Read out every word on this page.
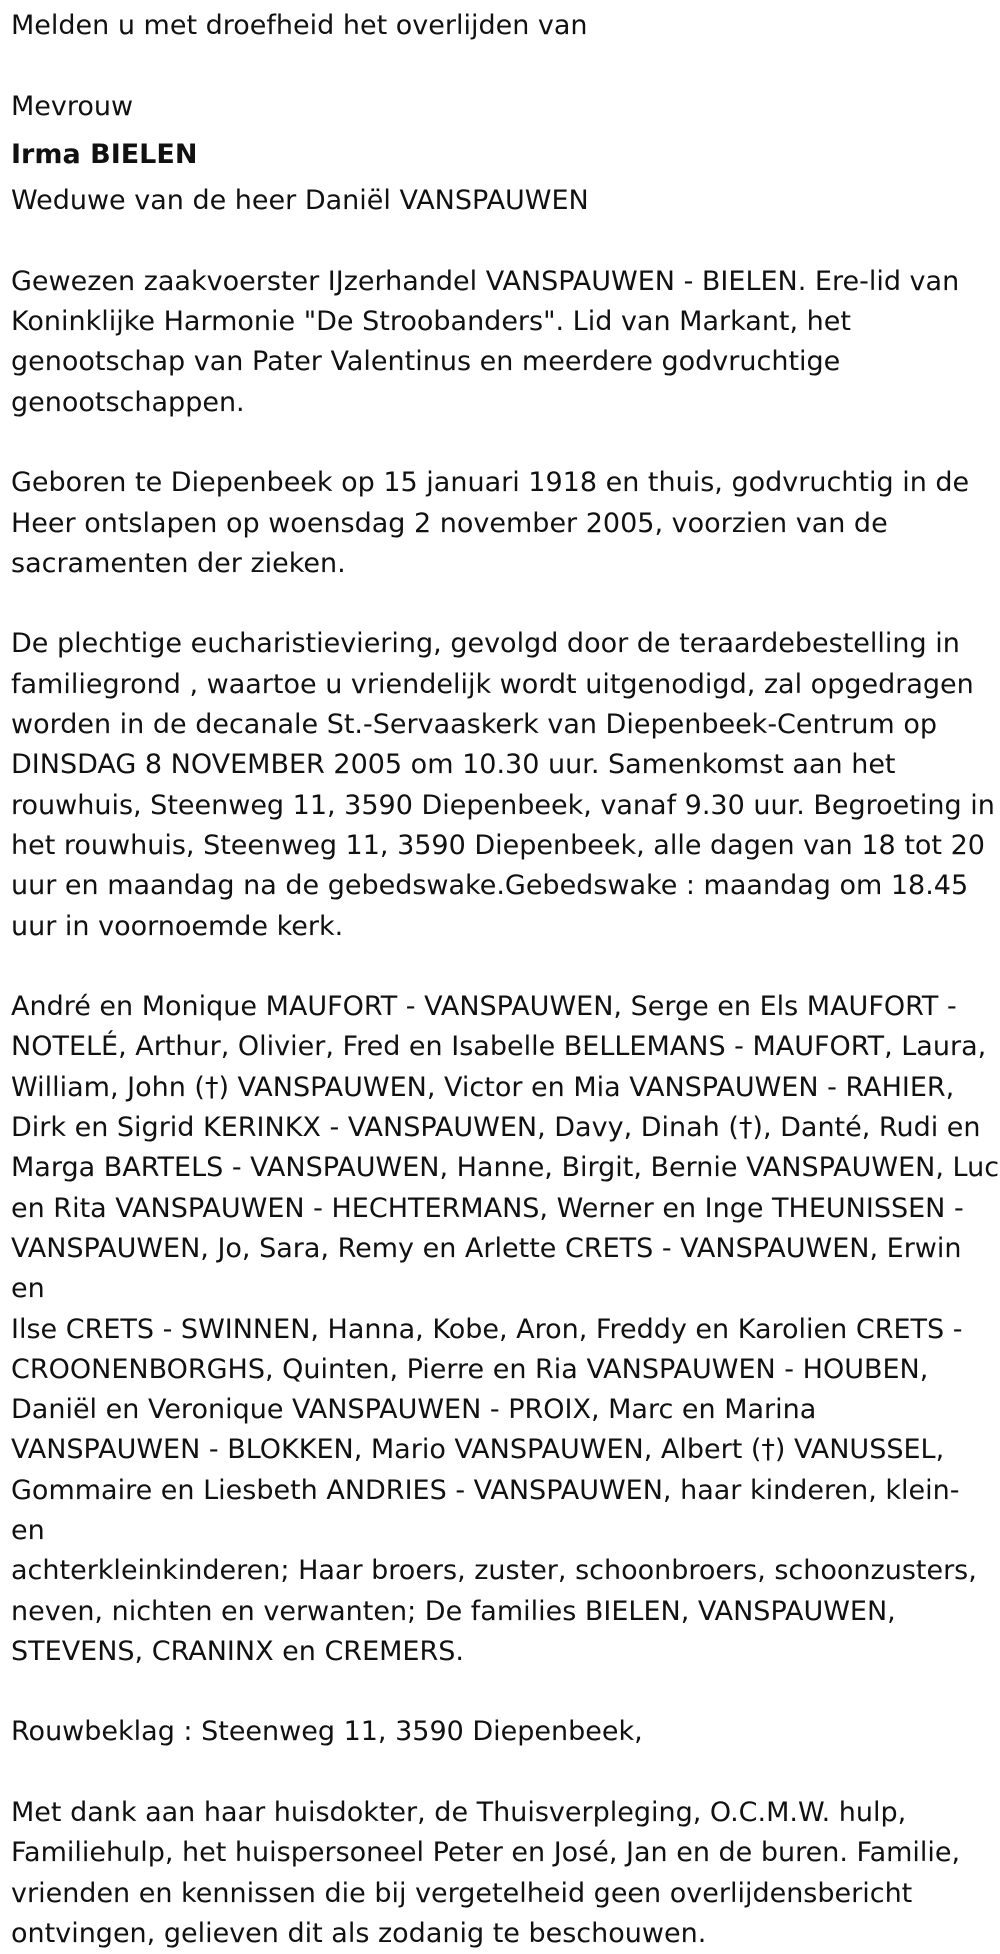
Melden u met droefheid het overlijden van

Mevrouw

Irma BIELEN

Weduwe van de heer Daniël VANSPAUWEN

Gewezen zaakvoerster IJzerhandel VANSPAUWEN - BIELEN. Ere-lid van

Koninklijke Harmonie "De Stroobanders". Lid van Markant, het

genootschap van Pater Valentinus en meerdere godvruchtige

genootschappen.

Geboren te Diepenbeek op 15 januari 1918 en thuis, godvruchtig in de

Heer ontslapen op woensdag 2 november 2005, voorzien van de

sacramenten der zieken.

De plechtige eucharistieviering, gevolgd door de teraardebestelling in

familiegrond , waartoe u vriendelijk wordt uitgenodigd, zal opgedragen

worden in de decanale St.-Servaaskerk van Diepenbeek-Centrum op

DINSDAG 8 NOVEMBER 2005 om 10.30 uur. Samenkomst aan het

rouwhuis, Steenweg 11, 3590 Diepenbeek, vanaf 9.30 uur. Begroeting in

het rouwhuis, Steenweg 11, 3590 Diepenbeek, alle dagen van 18 tot 20

uur en maandag na de gebedswake.Gebedswake : maandag om 18.45

uur in voornoemde kerk.

André en Monique MAUFORT - VANSPAUWEN, Serge en Els MAUFORT -

NOTELÉ, Arthur, Olivier, Fred en Isabelle BELLEMANS - MAUFORT, Laura,

William, John (†) VANSPAUWEN, Victor en Mia VANSPAUWEN - RAHIER,

Dirk en Sigrid KERINKX - VANSPAUWEN, Davy, Dinah (†), Danté, Rudi en

Marga BARTELS - VANSPAUWEN, Hanne, Birgit, Bernie VANSPAUWEN, Luc

en Rita VANSPAUWEN - HECHTERMANS, Werner en Inge THEUNISSEN -

VANSPAUWEN, Jo, Sara, Remy en Arlette CRETS - VANSPAUWEN, Erwin en

Ilse CRETS - SWINNEN, Hanna, Kobe, Aron, Freddy en Karolien CRETS -

CROONENBORGHS, Quinten, Pierre en Ria VANSPAUWEN - HOUBEN,

Daniël en Veronique VANSPAUWEN - PROIX, Marc en Marina

VANSPAUWEN - BLOKKEN, Mario VANSPAUWEN, Albert (†) VANUSSEL,

Gommaire en Liesbeth ANDRIES - VANSPAUWEN, haar kinderen, klein- en

achterkleinkinderen; Haar broers, zuster, schoonbroers, schoonzusters,

neven, nichten en verwanten; De families BIELEN, VANSPAUWEN,

STEVENS, CRANINX en CREMERS.

Rouwbeklag : Steenweg 11, 3590 Diepenbeek,

Met dank aan haar huisdokter, de Thuisverpleging, O.C.M.W. hulp,

Familiehulp, het huispersoneel Peter en José, Jan en de buren. Familie,

vrienden en kennissen die bij vergetelheid geen overlijdensbericht

ontvingen, gelieven dit als zodanig te beschouwen.
